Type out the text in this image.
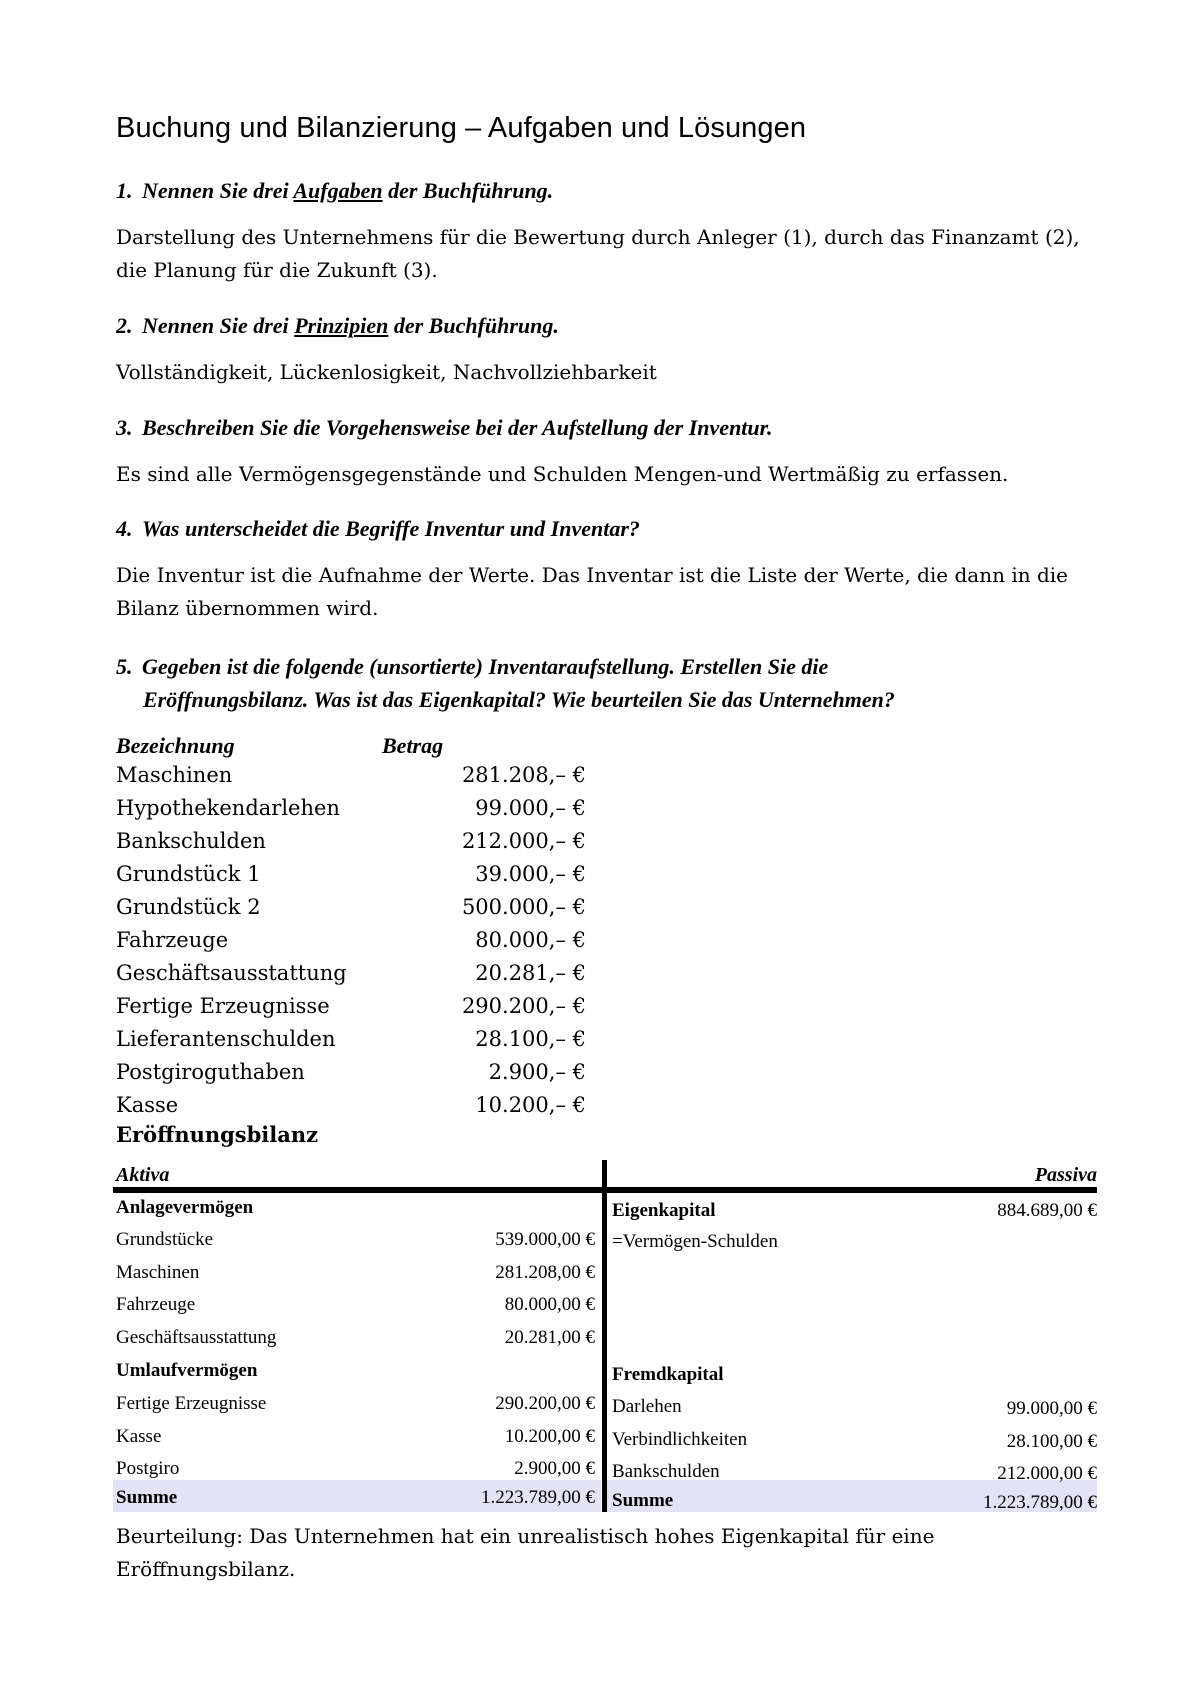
Buchung und Bilanzierung – Aufgaben und Lösungen
1. Nennen Sie drei Aufgaben der Buchführung.
Darstellung des Unternehmens für die Bewertung durch Anleger (1), durch das Finanzamt (2), die Planung für die Zukunft (3).
2. Nennen Sie drei Prinzipien der Buchführung.
Vollständigkeit, Lückenlosigkeit, Nachvollziehbarkeit
3. Beschreiben Sie die Vorgehensweise bei der Aufstellung der Inventur.
Es sind alle Vermögensgegenstände und Schulden Mengen-und Wertmäßig zu erfassen.
4. Was unterscheidet die Begriffe Inventur und Inventar?
Die Inventur ist die Aufnahme der Werte. Das Inventar ist die Liste der Werte, die dann in die Bilanz übernommen wird.
5. Gegeben ist die folgende (unsortierte) Inventaraufstellung. Erstellen Sie die
Eröffnungsbilanz. Was ist das Eigenkapital? Wie beurteilen Sie das Unternehmen?
Bezeichnung	Betrag
Maschinen	281.208,– €
Hypothekendarlehen	99.000,– €
Bankschulden	212.000,– €
Grundstück 1	39.000,– €
Grundstück 2	500.000,– €
Fahrzeuge	80.000,– €
Geschäftsausstattung	20.281,– €
Fertige Erzeugnisse	290.200,– €
Lieferantenschulden	28.100,– €
Postgiroguthaben	2.900,– €
Kasse	10.200,– €
Eröffnungsbilanz
Aktiva	Passiva
Anlagevermögen
Grundstücke	539.000,00 €
Maschinen	281.208,00 €
Fahrzeuge	80.000,00 €
Geschäftsausstattung	20.281,00 €
Umlaufvermögen
Fertige Erzeugnisse	290.200,00 €
Kasse	10.200,00 €
Postgiro	2.900,00 €
Summe	1.223.789,00 €
Eigenkapital	884.689,00 €
=Vermögen-Schulden
Fremdkapital
Darlehen	99.000,00 €
Verbindlichkeiten	28.100,00 €
Bankschulden	212.000,00 €
Summe	1.223.789,00 €
Beurteilung: Das Unternehmen hat ein unrealistisch hohes Eigenkapital für eine Eröffnungsbilanz.
